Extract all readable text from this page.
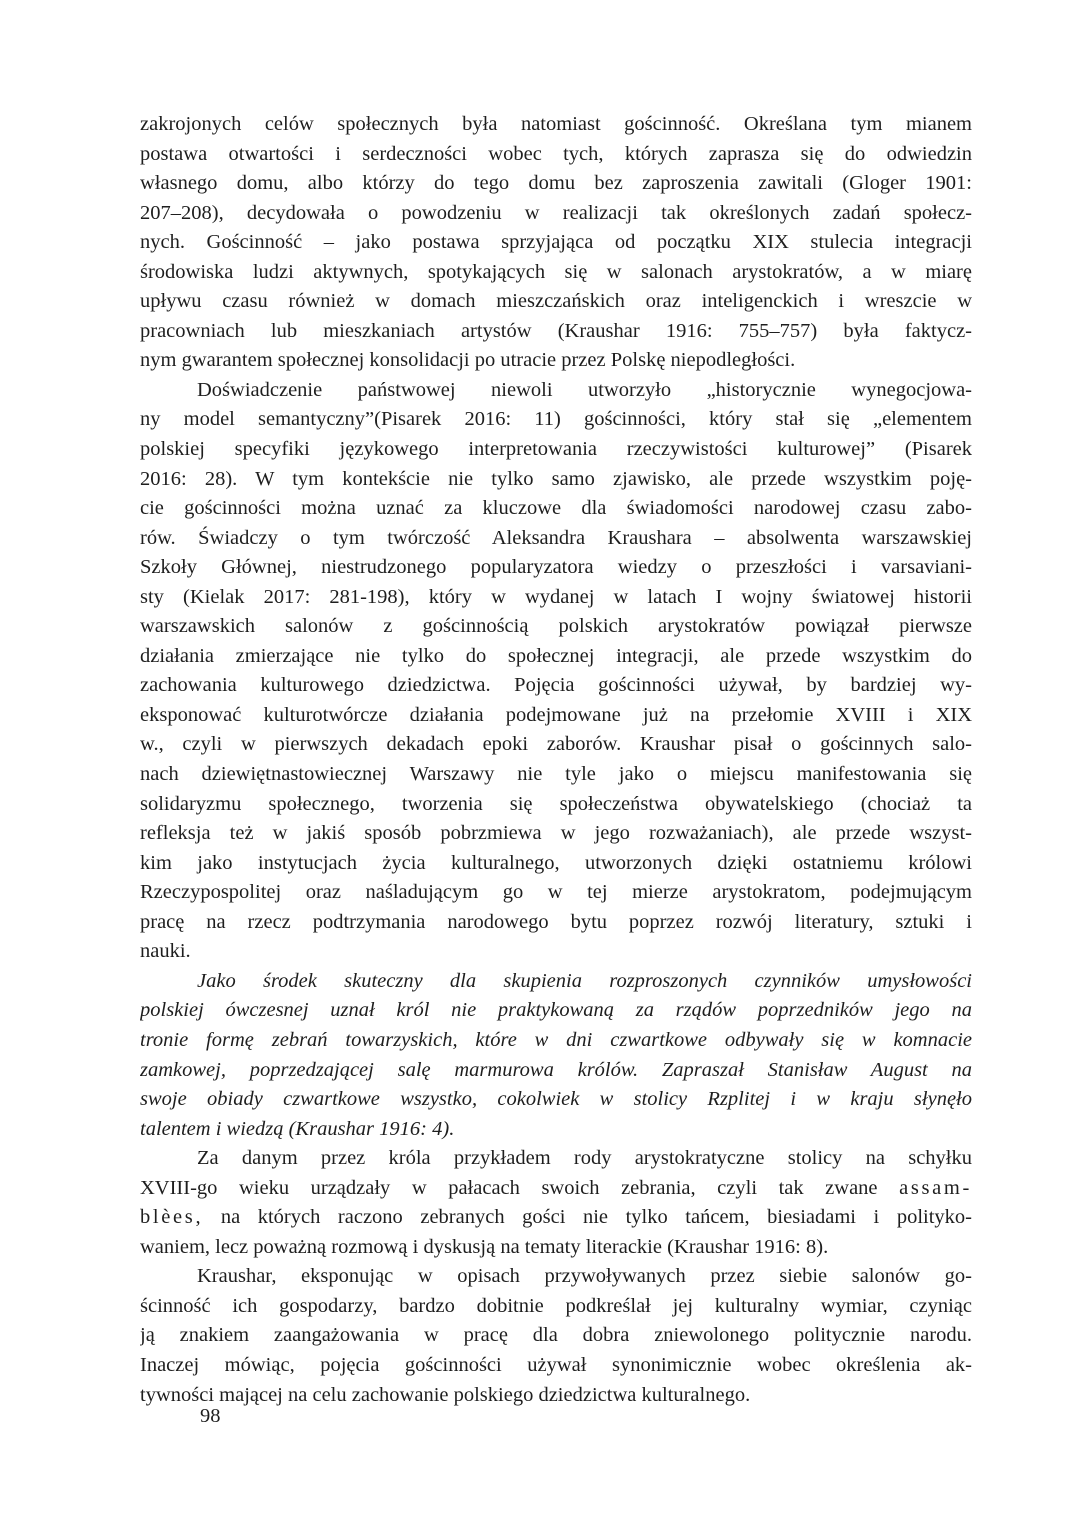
zakrojonych celów społecznych była natomiast gościnność. Określana tym mianem
postawa otwartości i serdeczności wobec tych, których zaprasza się do odwiedzin
własnego domu, albo którzy do tego domu bez zaproszenia zawitali (Gloger 1901:
207–208), decydowała o powodzeniu w realizacji tak określonych zadań społecz-
nych. Gościnność – jako postawa sprzyjająca od początku XIX stulecia integracji
środowiska ludzi aktywnych, spotykających się w salonach arystokratów, a w miarę
upływu czasu również w domach mieszczańskich oraz inteligenckich i wreszcie w
pracowniach lub mieszkaniach artystów (Kraushar 1916: 755–757) była faktycz-
nym gwarantem społecznej konsolidacji po utracie przez Polskę niepodległości.

Doświadczenie państwowej niewoli utworzyło „historycznie wynegocjowa-
ny model semantyczny”(Pisarek 2016: 11) gościnności, który stał się „elementem
polskiej specyfiki językowego interpretowania rzeczywistości kulturowej” (Pisarek
2016: 28). W tym kontekście nie tylko samo zjawisko, ale przede wszystkim poję-
cie gościnności można uznać za kluczowe dla świadomości narodowej czasu zabo-
rów. Świadczy o tym twórczość Aleksandra Kraushara – absolwenta warszawskiej
Szkoły Głównej, niestrudzonego popularyzatora wiedzy o przeszłości i varsaviani-
sty (Kielak 2017: 281-198), który w wydanej w latach I wojny światowej historii
warszawskich salonów z gościnnością polskich arystokratów powiązał pierwsze
działania zmierzające nie tylko do społecznej integracji, ale przede wszystkim do
zachowania kulturowego dziedzictwa. Pojęcia gościnności używał, by bardziej wy-
eksponować kulturotwórcze działania podejmowane już na przełomie XVIII i XIX
w., czyli w pierwszych dekadach epoki zaborów. Kraushar pisał o gościnnych salo-
nach dziewiętnastowiecznej Warszawy nie tyle jako o miejscu manifestowania się
solidaryzmu społecznego, tworzenia się społeczeństwa obywatelskiego (chociaż ta
refleksja też w jakiś sposób pobrzmiewa w jego rozważaniach), ale przede wszyst-
kim jako instytucjach życia kulturalnego, utworzonych dzięki ostatniemu królowi
Rzeczypospolitej oraz naśladującym go w tej mierze arystokratom, podejmującym
pracę na rzecz podtrzymania narodowego bytu poprzez rozwój literatury, sztuki i
nauki.

Jako środek skuteczny dla skupienia rozproszonych czynników umysłowości
polskiej ówczesnej uznał król nie praktykowaną za rządów poprzedników jego na
tronie formę zebrań towarzyskich, które w dni czwartkowe odbywały się w komnacie
zamkowej, poprzedzającej salę marmurowa królów. Zapraszał Stanisław August na
swoje obiady czwartkowe wszystko, cokolwiek w stolicy Rzplitej i w kraju słynęło
talentem i wiedzą (Kraushar 1916: 4).

Za danym przez króla przykładem rody arystokratyczne stolicy na schyłku
XVIII-go wieku urządzały w pałacach swoich zebrania, czyli tak zwane assam-
blèes, na których raczono zebranych gości nie tylko tańcem, biesiadami i polityko-
waniem, lecz poważną rozmową i dyskusją na tematy literackie (Kraushar 1916: 8).

Kraushar, eksponując w opisach przywoływanych przez siebie salonów go-
ścinność ich gospodarzy, bardzo dobitnie podkreślał jej kulturalny wymiar, czyniąc
ją znakiem zaangażowania w pracę dla dobra zniewolonego politycznie narodu.
Inaczej mówiąc, pojęcia gościnności używał synonimicznie wobec określenia ak-
tywności mającej na celu zachowanie polskiego dziedzictwa kulturalnego.

98
